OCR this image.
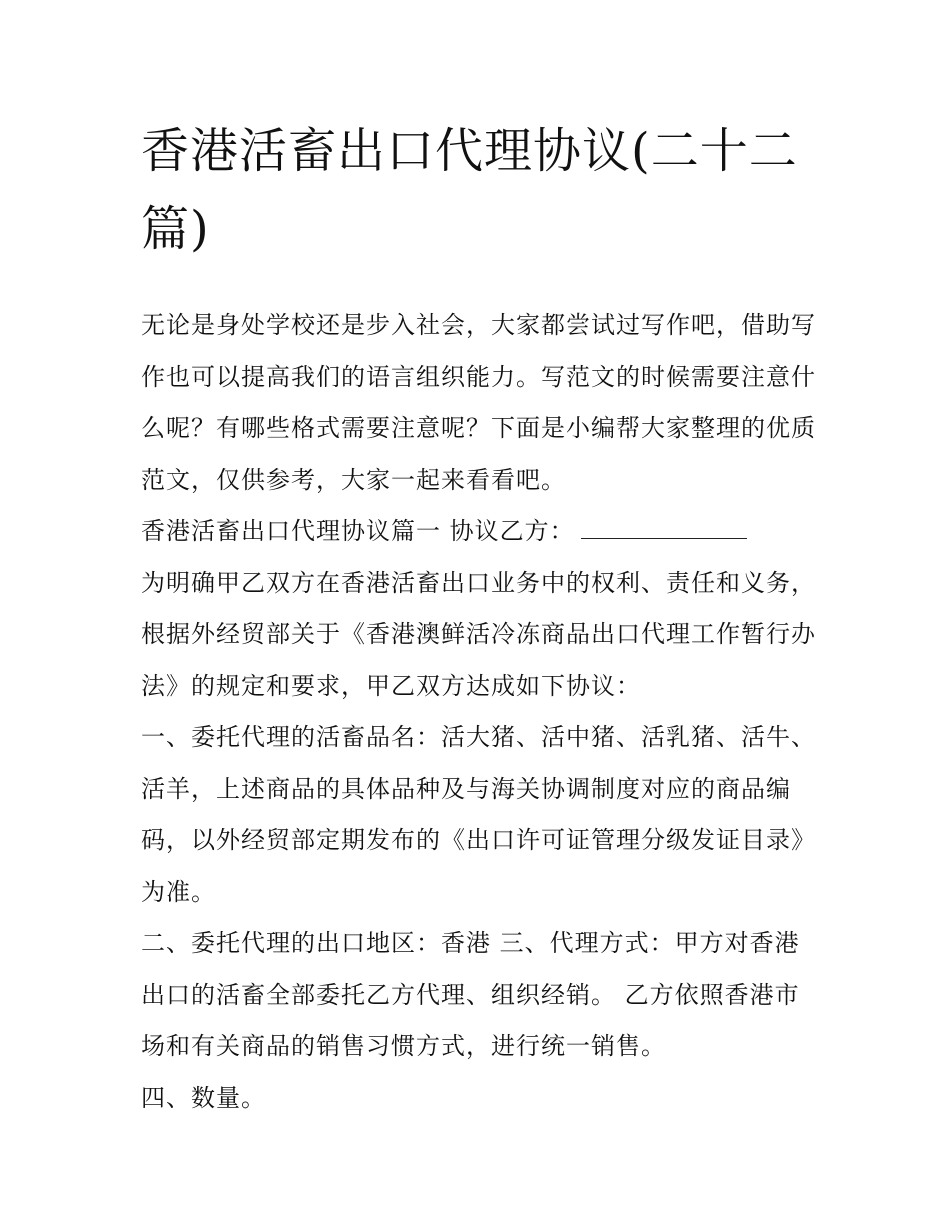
香港活畜出口代理协议(二十二篇)

无论是身处学校还是步入社会，大家都尝试过写作吧，借助写作也可以提高我们的语言组织能力。写范文的时候需要注意什么呢？有哪些格式需要注意呢？下面是小编帮大家整理的优质范文，仅供参考，大家一起来看看吧。

香港活畜出口代理协议篇一 协议乙方：

为明确甲乙双方在香港活畜出口业务中的权利、责任和义务，根据外经贸部关于《香港澳鲜活冷冻商品出口代理工作暂行办法》的规定和要求，甲乙双方达成如下协议：

一、委托代理的活畜品名：活大猪、活中猪、活乳猪、活牛、活羊，上述商品的具体品种及与海关协调制度对应的商品编码，以外经贸部定期发布的《出口许可证管理分级发证目录》为准。

二、委托代理的出口地区：香港 三、代理方式：甲方对香港出口的活畜全部委托乙方代理、组织经销。 乙方依照香港市场和有关商品的销售习惯方式，进行统一销售。

四、数量。
